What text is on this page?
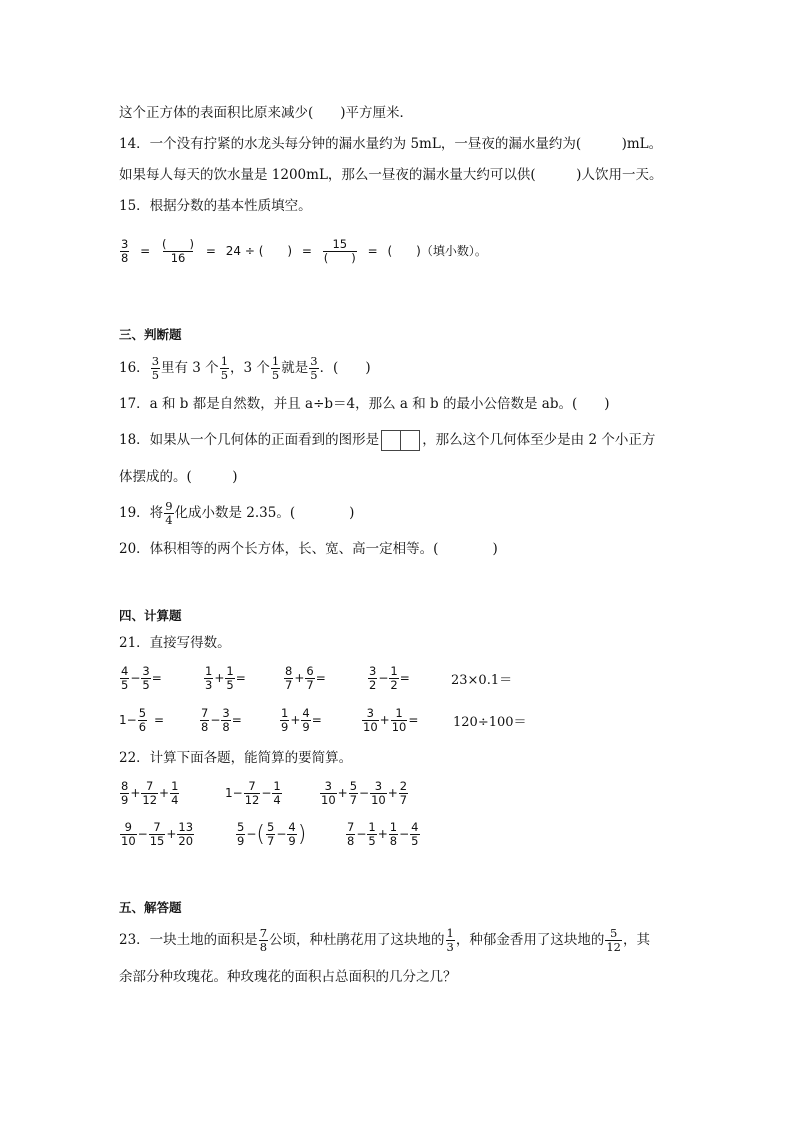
这个正方体的表面积比原来减少(　　)平方厘米．
14．一个没有拧紧的水龙头每分钟的漏水量约为 5mL，一昼夜的漏水量约为(　　　)mL。
如果每人每天的饮水量是 1200mL，那么一昼夜的漏水量大约可以供(　　　)人饮用一天。
15．根据分数的基本性质填空。
$\frac{3}{8} = \frac{( )}{16} = 24$ ÷ (　　) = $\frac{15}{( )}$ = (　　)（填小数）。
三、判断题
16． $\frac{3}{5}$ 里有 3 个 $\frac{1}{5}$ ，3 个 $\frac{1}{5}$ 就是 $\frac{3}{5}$ ．(　　)
17．a 和 b 都是自然数，并且 a÷b＝4，那么 a 和 b 的最小公倍数是 ab。(　　)
18．如果从一个几何体的正面看到的图形是	，那么这个几何体至少是由 2 个小正方
体摆成的。(　　　)
19．将 $\frac{9}{4}$ 化成小数是 2.35。(　　　　)
20．体积相等的两个长方体，长、宽、高一定相等。(　　　　)
四、计算题
21．直接写得数。
$\frac{4}{5} - \frac{3}{5}$ =	$\frac{1}{3} + \frac{1}{5}$ =	$\frac{8}{7} + \frac{6}{7}$ =	$\frac{3}{2} - \frac{1}{2}$ =	23×0.1＝
$1- \frac{5}{6}$ =	$\frac{7}{8} - \frac{3}{8}$ =	$\frac{1}{9} + \frac{4}{9}$ =	$\frac{3}{10} + \frac{1}{10}$ =	120÷100＝
22．计算下面各题，能简算的要简算。
$\frac{8}{9} + \frac{7}{12} + \frac{1}{4}$	$1- \frac{7}{12} - \frac{1}{4}$	$\frac{3}{10} + \frac{5}{7} - \frac{3}{10} + \frac{2}{7}$
$\frac{9}{10} - \frac{7}{15} + \frac{13}{20}$	$\frac{5}{9}$ − ( $\frac{5}{7} - \frac{4}{9}$ )	$\frac{7}{8} - \frac{1}{5} + \frac{1}{8} - \frac{4}{5}$
五、解答题
23．一块土地的面积是 $\frac{7}{8}$ 公顷，种杜鹃花用了这块地的 $\frac{1}{3}$ ，种郁金香用了这块地的 $\frac{5}{12}$ ，其
余部分种玫瑰花。种玫瑰花的面积占总面积的几分之几？
